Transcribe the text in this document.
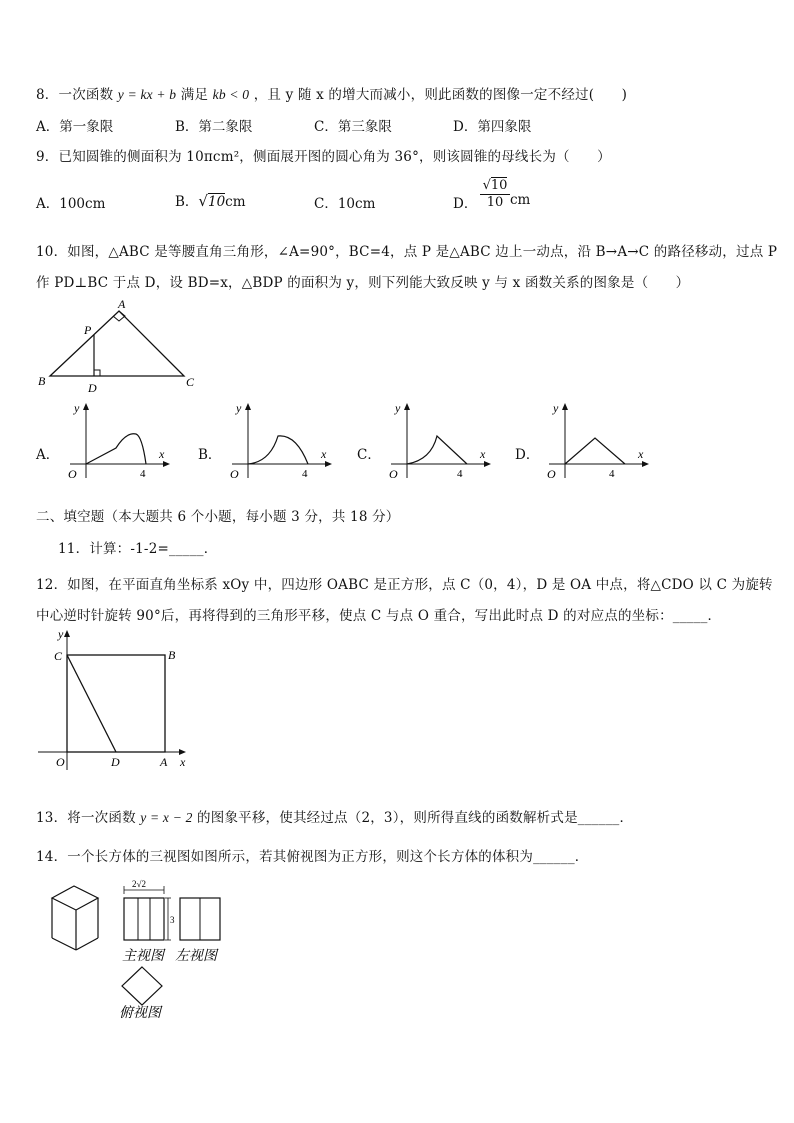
8．一次函数 y = kx + b 满足 kb < 0 ，且 y 随 x 的增大而减小，则此函数的图像一定不经过(　　)
A．第一象限	B．第二象限	C．第三象限	D．第四象限
9．已知圆锥的侧面积为 10πcm²，侧面展开图的圆心角为 36°，则该圆锥的母线长为（　　）
A．100cm	B．√10cm	C．10cm	D．
√10
10 cm
10．如图，△ABC 是等腰直角三角形，∠A=90°，BC=4，点 P 是△ABC 边上一动点，沿 B→A→C 的路径移动，过点 P
作 PD⊥BC 于点 D，设 BD=x，△BDP 的面积为 y，则下列能大致反映 y 与 x 函数关系的图象是（　　）
A
P
B	D	C
A．
y
x
O	4
B．
y
x
O	4
C．
y
x
O	4
D．
y
x
O	4
二、填空题（本大题共 6 个小题，每小题 3 分，共 18 分）
11．计算：-1-2=_____．
12．如图，在平面直角坐标系 xOy 中，四边形 OABC 是正方形，点 C（0，4），D 是 OA 中点，将△CDO 以 C 为旋转
中心逆时针旋转 90°后，再将得到的三角形平移，使点 C 与点 O 重合，写出此时点 D 的对应点的坐标：_____．
y
C	B
O	D	A x
13．将一次函数 y = x − 2 的图象平移，使其经过点（2，3），则所得直线的函数解析式是______．
14．一个长方体的三视图如图所示，若其俯视图为正方形，则这个长方体的体积为______．
2√2
3
主视图 左视图
俯视图
